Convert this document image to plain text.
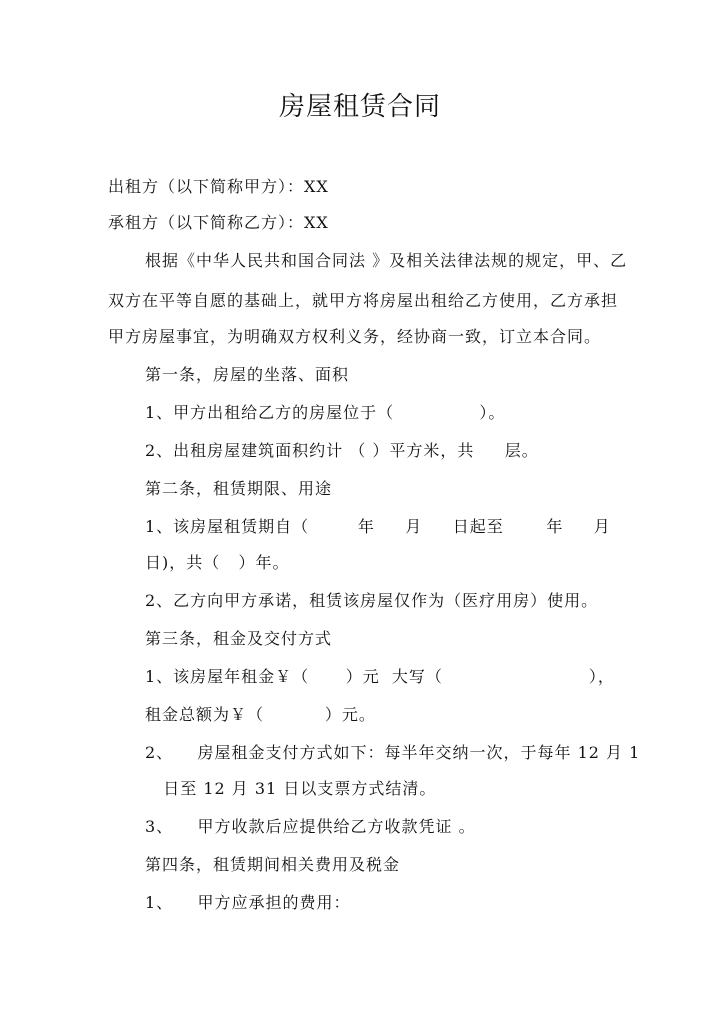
房屋租赁合同
出租方（以下简称甲方）：XX
承租方（以下简称乙方）：XX
根据《中华人民共和国合同法 》及相关法律法规的规定，甲、乙
双方在平等自愿的基础上，就甲方将房屋出租给乙方使用，乙方承担
甲方房屋事宜，为明确双方权利义务，经协商一致，订立本合同。
第一条，房屋的坐落、面积
1、甲方出租给乙方的房屋位于（              ）。
2、出租房屋建筑面积约计 （ ）平方米，共     层。
第二条，租赁期限、用途
1、该房屋租赁期自（        年     月     日起至       年     月
日)，共（   ）年。
2、乙方向甲方承诺，租赁该房屋仅作为（医疗用房）使用。
第三条，租金及交付方式
1、该房屋年租金￥（      ）元  大写（                        ），
租金总额为￥（          ）元。
2、    房屋租金支付方式如下：每半年交纳一次，于每年 12 月 1
日至 12 月 31 日以支票方式结清。
3、    甲方收款后应提供给乙方收款凭证 。
第四条，租赁期间相关费用及税金
1、    甲方应承担的费用：
